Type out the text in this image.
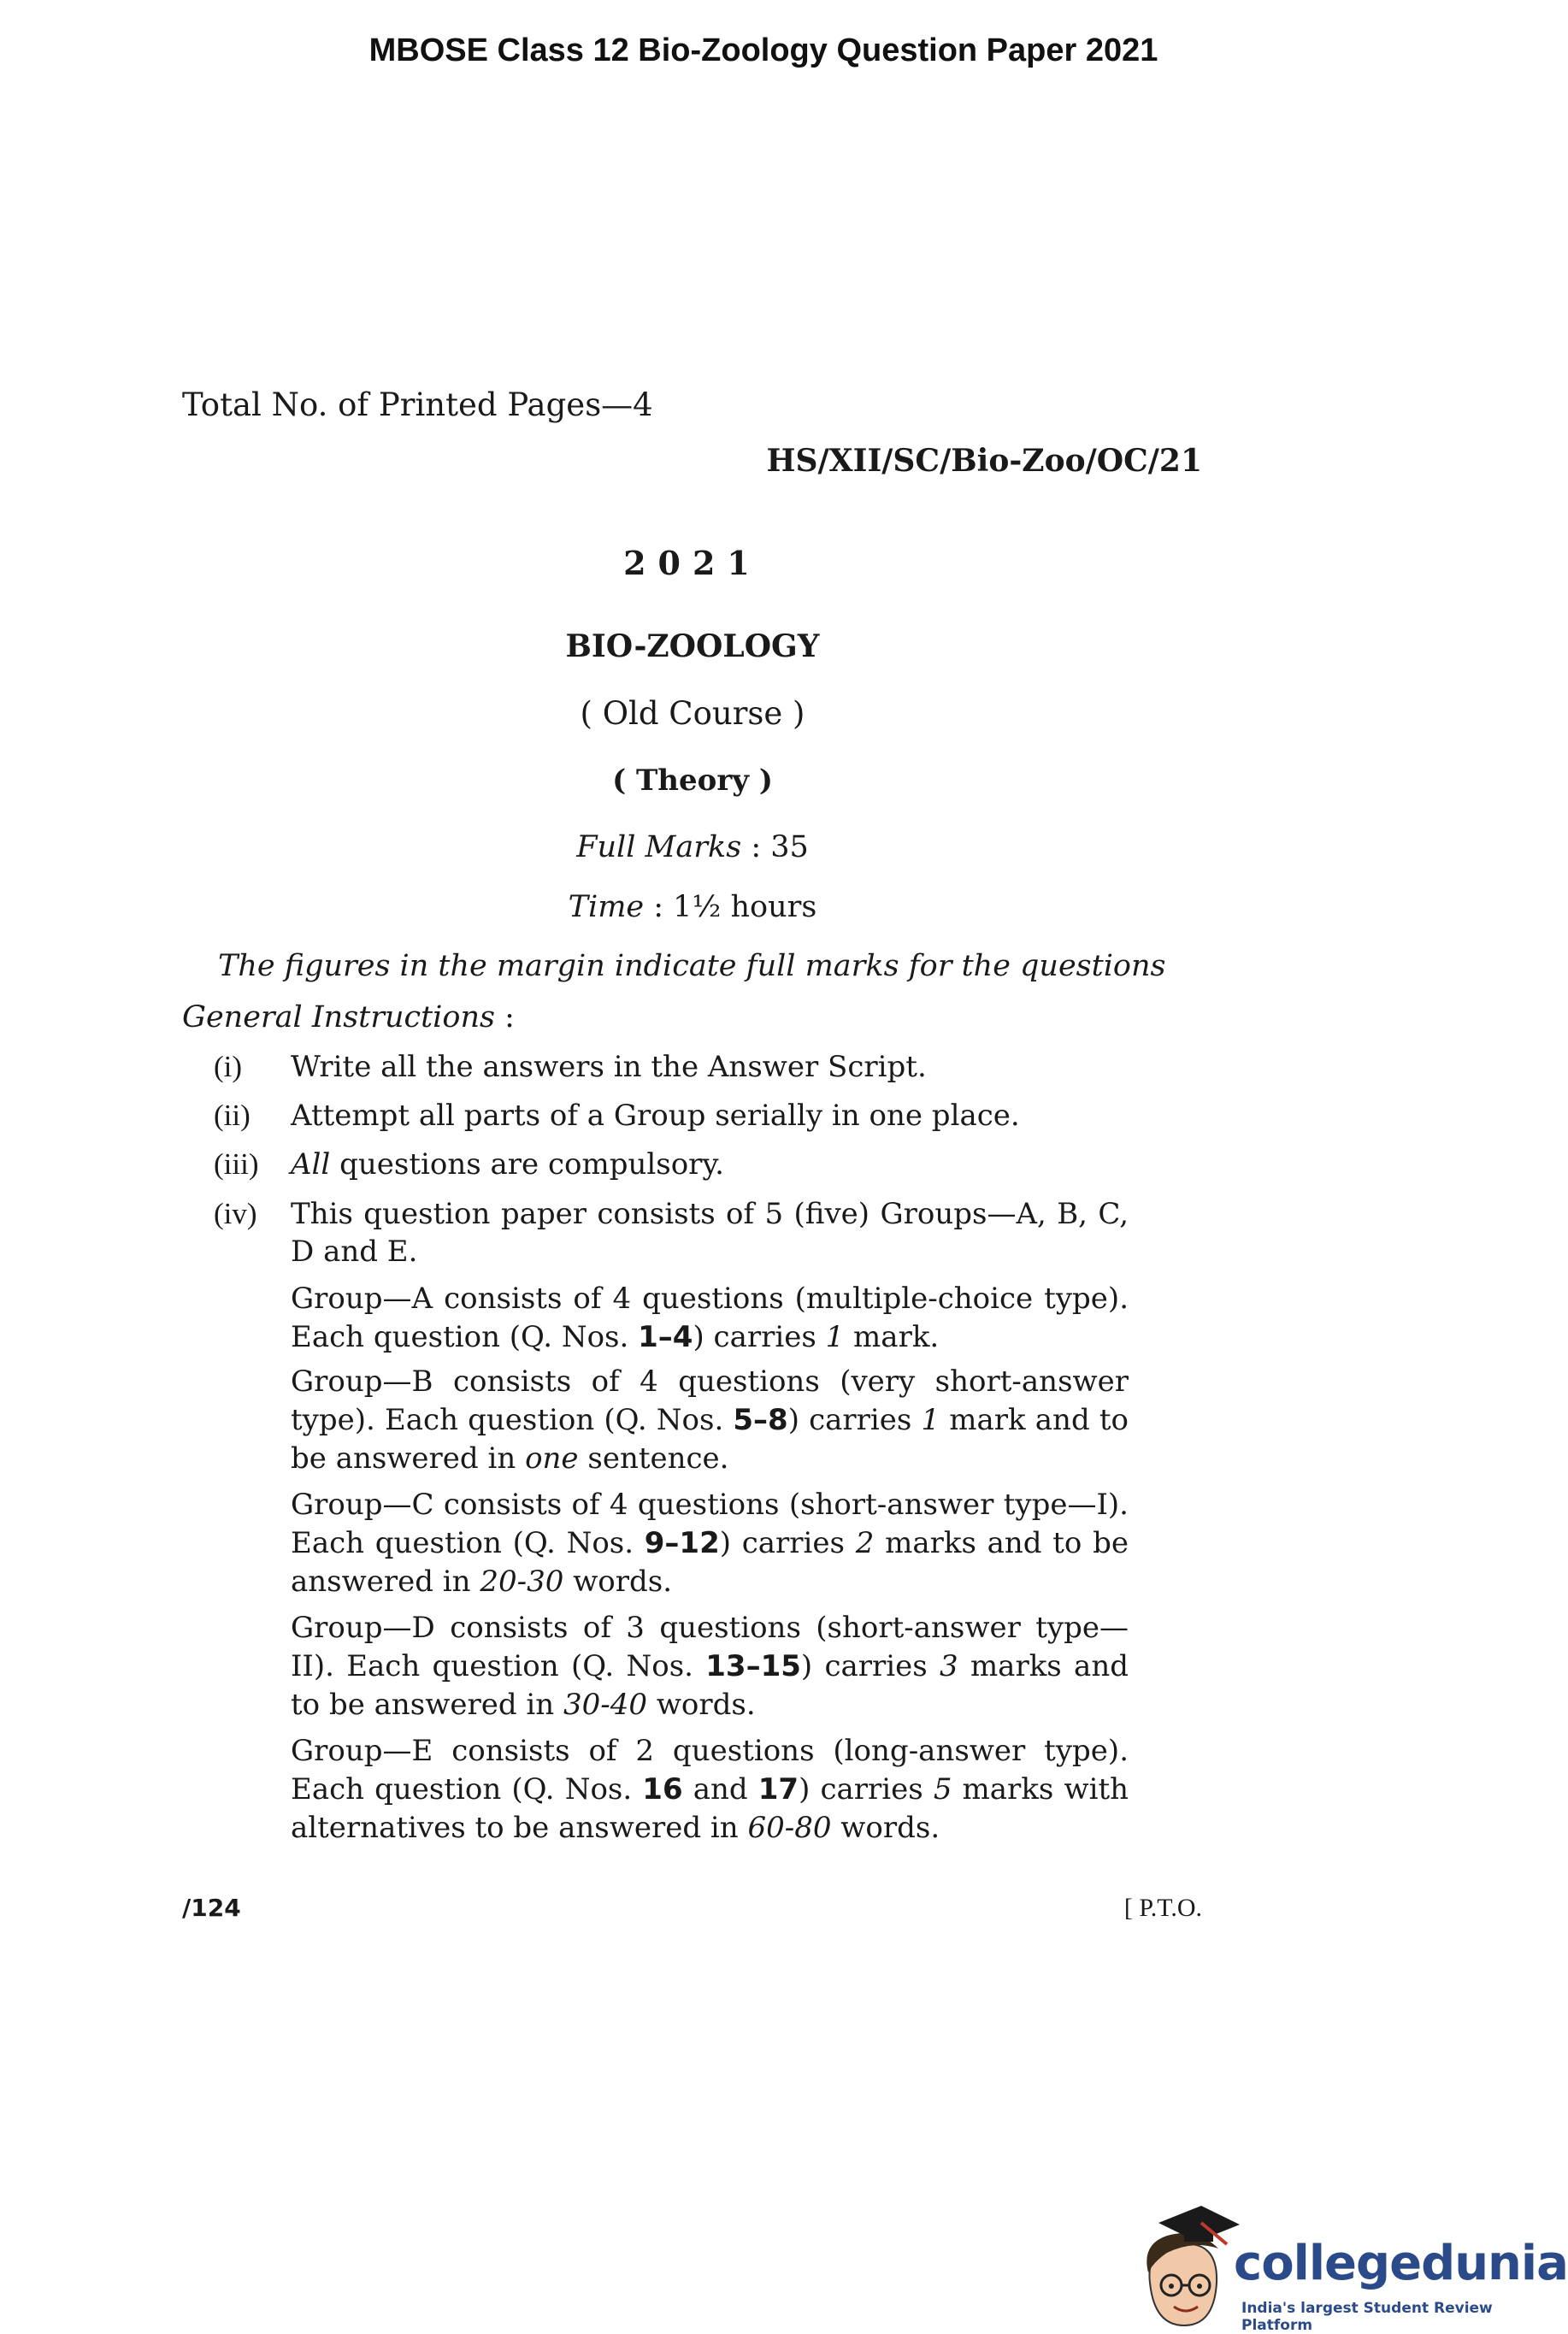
MBOSE Class 12 Bio-Zoology Question Paper 2021
Total No. of Printed Pages—4
HS/XII/SC/Bio-Zoo/OC/21
2021
BIO-ZOOLOGY
( Old Course )
( Theory )
Full Marks : 35
Time : 1½ hours
The figures in the margin indicate full marks for the questions
General Instructions :
(i)	Write all the answers in the Answer Script.
(ii)	Attempt all parts of a Group serially in one place.
(iii)	All questions are compulsory.
(iv)	This question paper consists of 5 (five) Groups—A, B, C, D and E.
Group—A consists of 4 questions (multiple-choice type). Each question (Q. Nos. 1–4) carries 1 mark.
Group—B consists of 4 questions (very short-answer type). Each question (Q. Nos. 5–8) carries 1 mark and to be answered in one sentence.
Group—C consists of 4 questions (short-answer type—I). Each question (Q. Nos. 9–12) carries 2 marks and to be answered in 20-30 words.
Group—D consists of 3 questions (short-answer type—II). Each question (Q. Nos. 13–15) carries 3 marks and to be answered in 30-40 words.
Group—E consists of 2 questions (long-answer type). Each question (Q. Nos. 16 and 17) carries 5 marks with alternatives to be answered in 60-80 words.
/124	[ P.T.O.
collegedunia
India's largest Student Review Platform
